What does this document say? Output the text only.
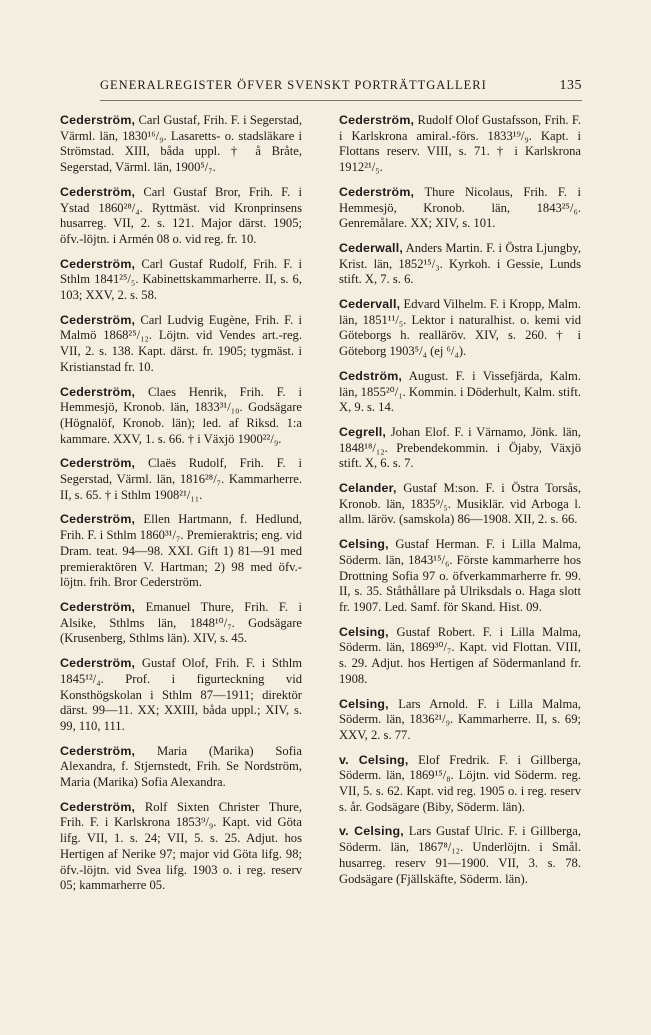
GENERALREGISTER ÖFVER SVENSKT PORTRÄTTGALLERI	135

Cederström, Carl Gustaf, Frih. F. i Segerstad, Värml. län, 1830¹⁶/₉. Lasaretts- o. stadsläkare i Strömstad. XIII, båda uppl. † å Bråte, Segerstad, Värml. län, 1900⁵/₇.

Cederström, Carl Gustaf Bror, Frih. F. i Ystad 1860²⁸/₄. Ryttmäst. vid Kronprinsens husarreg. VII, 2. s. 121. Major därst. 1905; öfv.-löjtn. i Armén 08 o. vid reg. fr. 10.

Cederström, Carl Gustaf Rudolf, Frih. F. i Sthlm 1841²⁵/₅. Kabinettskammarherre. II, s. 6, 103; XXV, 2. s. 58.

Cederström, Carl Ludvig Eugène, Frih. F. i Malmö 1868²⁵/₁₂. Löjtn. vid Vendes art.-reg. VII, 2. s. 138. Kapt. därst. fr. 1905; tygmäst. i Kristianstad fr. 10.

Cederström, Claes Henrik, Frih. F. i Hemmesjö, Kronob. län, 1833³¹/₁₀. Godsägare (Högnalöf, Kronob. län); led. af Riksd. 1:a kammare. XXV, 1. s. 66. † i Växjö 1900²²/₉.

Cederström, Claës Rudolf, Frih. F. i Segerstad, Värml. län, 1816²⁸/₇. Kammarherre. II, s. 65. † i Sthlm 1908²¹/₁₁.

Cederström, Ellen Hartmann, f. Hedlund, Frih. F. i Sthlm 1860³¹/₇. Premieraktris; eng. vid Dram. teat. 94—98. XXI. Gift 1) 81—91 med premieraktören V. Hartman; 2) 98 med öfv.-löjtn. frih. Bror Cederström.

Cederström, Emanuel Thure, Frih. F. i Alsike, Sthlms län, 1848¹⁰/₇. Godsägare (Krusenberg, Sthlms län). XIV, s. 45.

Cederström, Gustaf Olof, Frih. F. i Sthlm 1845¹²/₄. Prof. i figurteckning vid Konsthögskolan i Sthlm 87—1911; direktör därst. 99—11. XX; XXIII, båda uppl.; XIV, s. 99, 110, 111.

Cederström, Maria (Marika) Sofia Alexandra, f. Stjernstedt, Frih. Se Nordström, Maria (Marika) Sofia Alexandra.

Cederström, Rolf Sixten Christer Thure, Frih. F. i Karlskrona 1853⁹/₉. Kapt. vid Göta lifg. VII, 1. s. 24; VII, 5. s. 25. Adjut. hos Hertigen af Nerike 97; major vid Göta lifg. 98; öfv.-löjtn. vid Svea lifg. 1903 o. i reg. reserv 05; kammarherre 05.

Cederström, Rudolf Olof Gustafsson, Frih. F. i Karlskrona amiral.-förs. 1833¹⁹/₉. Kapt. i Flottans reserv. VIII, s. 71. † i Karlskrona 1912²¹/₅.

Cederström, Thure Nicolaus, Frih. F. i Hemmesjö, Kronob. län, 1843²⁵/₆. Genremålare. XX; XIV, s. 101.

Cederwall, Anders Martin. F. i Östra Ljungby, Krist. län, 1852¹⁵/₃. Kyrkoh. i Gessie, Lunds stift. X, 7. s. 6.

Cedervall, Edvard Vilhelm. F. i Kropp, Malm. län, 1851¹¹/₅. Lektor i naturalhist. o. kemi vid Göteborgs h. realläröv. XIV, s. 260. † i Göteborg 1903⁵/₄ (ej ⁶/₄).

Cedström, August. F. i Vissefjärda, Kalm. län, 1855²⁰/₁. Kommin. i Döderhult, Kalm. stift. X, 9. s. 14.

Cegrell, Johan Elof. F. i Värnamo, Jönk. län, 1848¹⁸/₁₂. Prebendekommin. i Öjaby, Växjö stift. X, 6. s. 7.

Celander, Gustaf M:son. F. i Östra Torsås, Kronob. län, 1835⁹/₅. Musiklär. vid Arboga l. allm. läröv. (samskola) 86—1908. XII, 2. s. 66.

Celsing, Gustaf Herman. F. i Lilla Malma, Söderm. län, 1843¹⁵/₆. Förste kammarherre hos Drottning Sofia 97 o. öfverkammarherre fr. 99. II, s. 35. Ståthållare på Ulriksdals o. Haga slott fr. 1907. Led. Samf. för Skand. Hist. 09.

Celsing, Gustaf Robert. F. i Lilla Malma, Söderm. län, 1869³⁰/₇. Kapt. vid Flottan. VIII, s. 29. Adjut. hos Hertigen af Södermanland fr. 1908.

Celsing, Lars Arnold. F. i Lilla Malma, Söderm. län, 1836²¹/₉. Kammarherre. II, s. 69; XXV, 2. s. 77.

v. Celsing, Elof Fredrik. F. i Gillberga, Söderm. län, 1869¹⁵/₈. Löjtn. vid Söderm. reg. VII, 5. s. 62. Kapt. vid reg. 1905 o. i reg. reserv s. år. Godsägare (Biby, Söderm. län).

v. Celsing, Lars Gustaf Ulric. F. i Gillberga, Söderm. län, 1867⁸/₁₂. Underlöjtn. i Smål. husarreg. reserv 91—1900. VII, 3. s. 78. Godsägare (Fjällskäfte, Söderm. län).
